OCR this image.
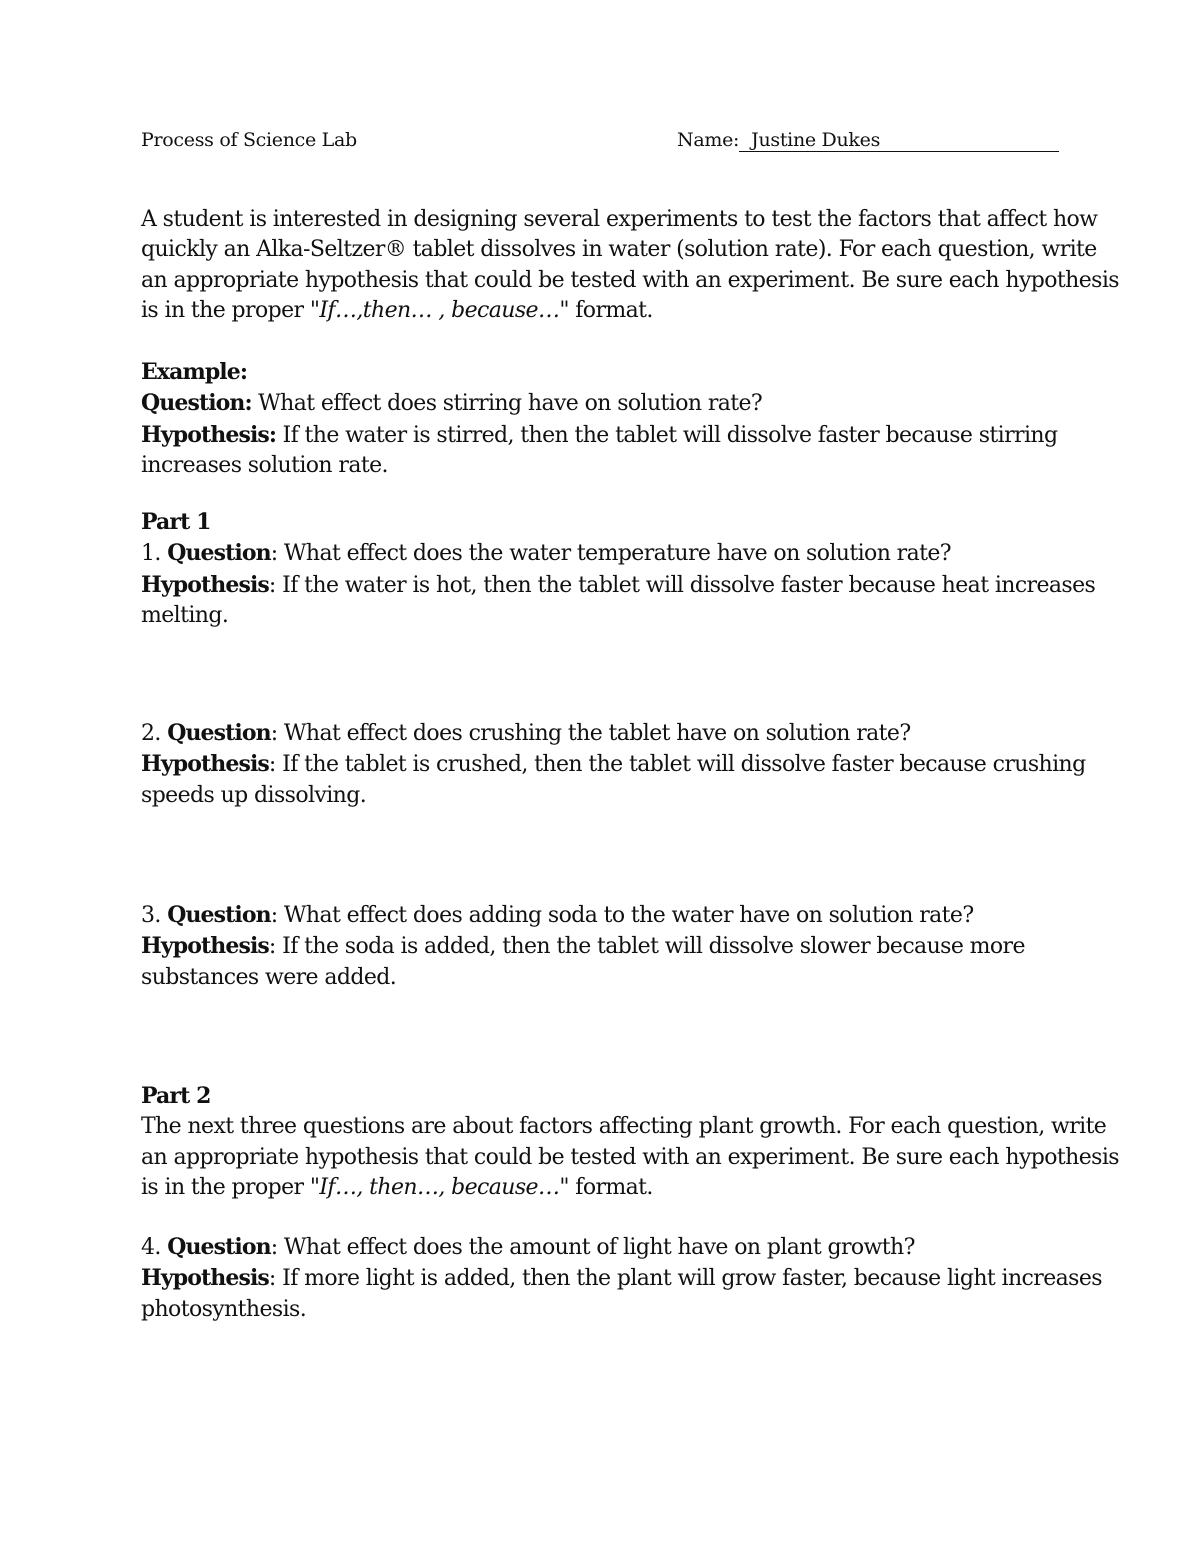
Process of Science Lab	Name: Justine Dukes

A student is interested in designing several experiments to test the factors that affect how quickly an Alka-Seltzer® tablet dissolves in water (solution rate). For each question, write an appropriate hypothesis that could be tested with an experiment. Be sure each hypothesis is in the proper "If…,then… , because…" format.

Example:

Question: What effect does stirring have on solution rate?

Hypothesis: If the water is stirred, then the tablet will dissolve faster because stirring increases solution rate.

Part 1

1. Question: What effect does the water temperature have on solution rate?

Hypothesis: If the water is hot, then the tablet will dissolve faster because heat increases melting.

2. Question: What effect does crushing the tablet have on solution rate?

Hypothesis: If the tablet is crushed, then the tablet will dissolve faster because crushing speeds up dissolving.

3. Question: What effect does adding soda to the water have on solution rate?

Hypothesis: If the soda is added, then the tablet will dissolve slower because more substances were added.

Part 2

The next three questions are about factors affecting plant growth. For each question, write an appropriate hypothesis that could be tested with an experiment. Be sure each hypothesis is in the proper "If…, then…, because…" format.

4. Question: What effect does the amount of light have on plant growth?

Hypothesis: If more light is added, then the plant will grow faster, because light increases photosynthesis.
